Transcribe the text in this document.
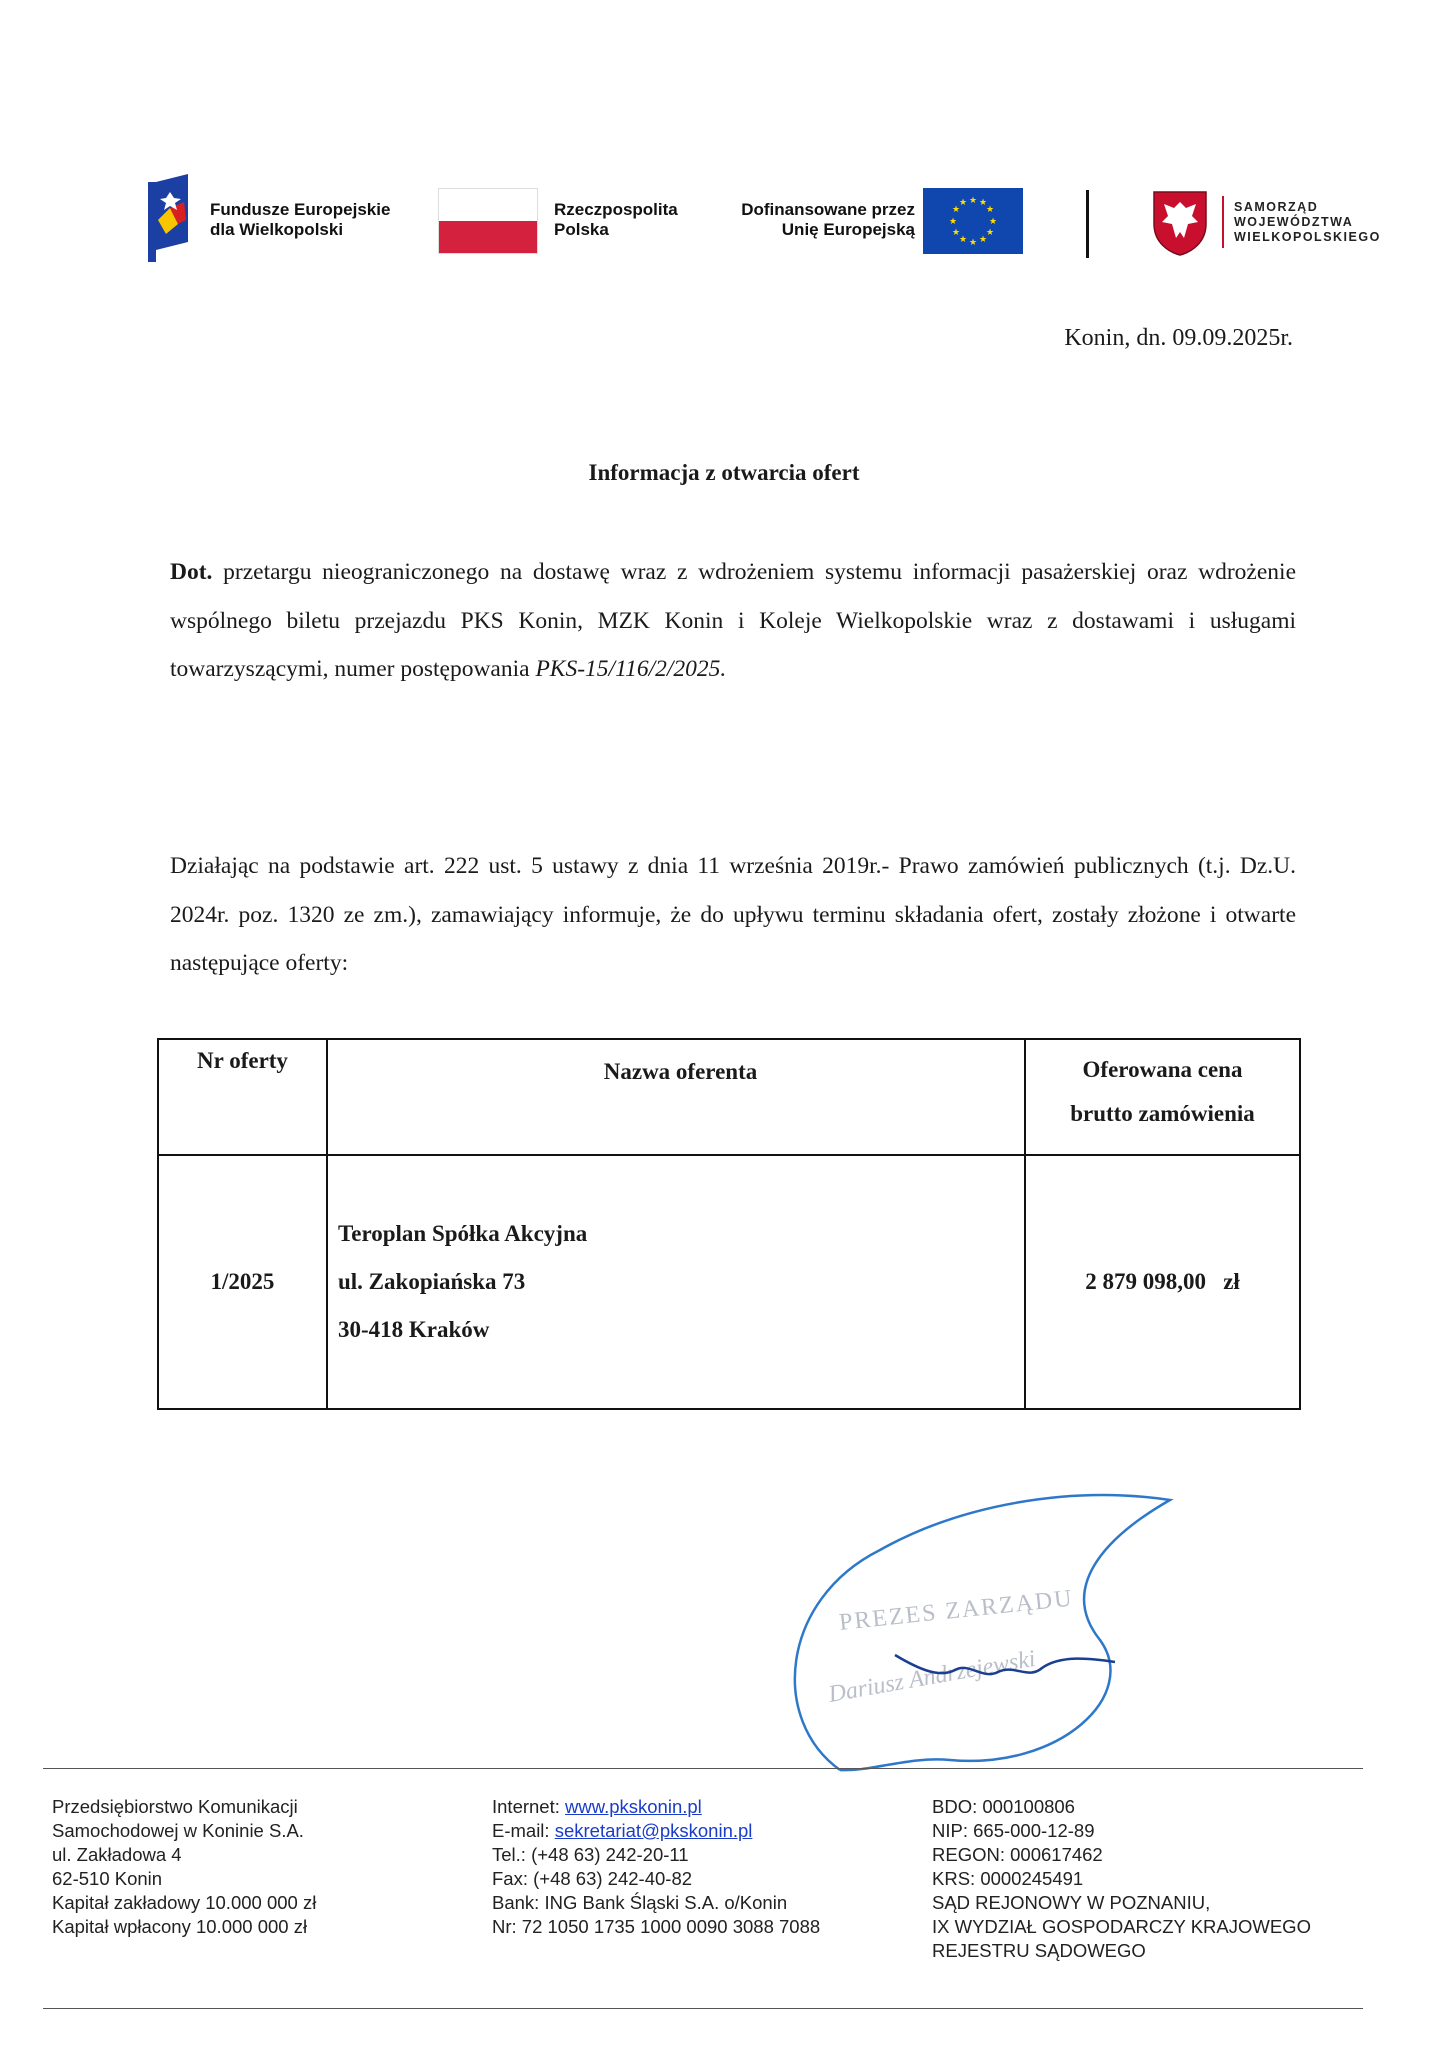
Fundusze Europejskie
dla Wielkopolski
Rzeczpospolita
Polska
Dofinansowane przez
Unię Europejską
★ ★
★
★
★
★
★
★
★
★
★
★	SAMORZĄD
WOJEWÓDZTWA
WIELKOPOLSKIEGO
Konin, dn. 09.09.2025r.
Informacja z otwarcia ofert
Dot. przetargu nieograniczonego na dostawę wraz z wdrożeniem systemu informacji pasażerskiej oraz wdrożenie wspólnego biletu przejazdu PKS Konin, MZK Konin i Koleje Wielkopolskie wraz z dostawami i usługami towarzyszącymi, numer postępowania PKS-15/116/2/2025.
Działając na podstawie art. 222 ust. 5 ustawy z dnia 11 września 2019r.- Prawo zamówień publicznych (t.j. Dz.U. 2024r. poz. 1320 ze zm.), zamawiający informuje, że do upływu terminu składania ofert, zostały złożone i otwarte następujące oferty:
Nr oferty	Nazwa oferenta	Oferowana cena
brutto zamówienia

1/2025	Teroplan Spółka Akcyjna
ul. Zakopiańska 73
30-418 Kraków	2 879 098,00   zł
PREZES ZARZĄDU
Dariusz Andrzejewski
Przedsiębiorstwo Komunikacji
Samochodowej w Koninie S.A.
ul. Zakładowa 4
62-510 Konin
Kapitał zakładowy 10.000 000 zł
Kapitał wpłacony 10.000 000 zł
Internet: www.pkskonin.pl
E-mail: sekretariat@pkskonin.pl
Tel.: (+48 63) 242-20-11
Fax: (+48 63) 242-40-82
Bank: ING Bank Śląski S.A. o/Konin
Nr: 72 1050 1735 1000 0090 3088 7088
BDO: 000100806
NIP: 665-000-12-89
REGON: 000617462
KRS: 0000245491
SĄD REJONOWY W POZNANIU,
IX WYDZIAŁ GOSPODARCZY KRAJOWEGO
REJESTRU SĄDOWEGO
